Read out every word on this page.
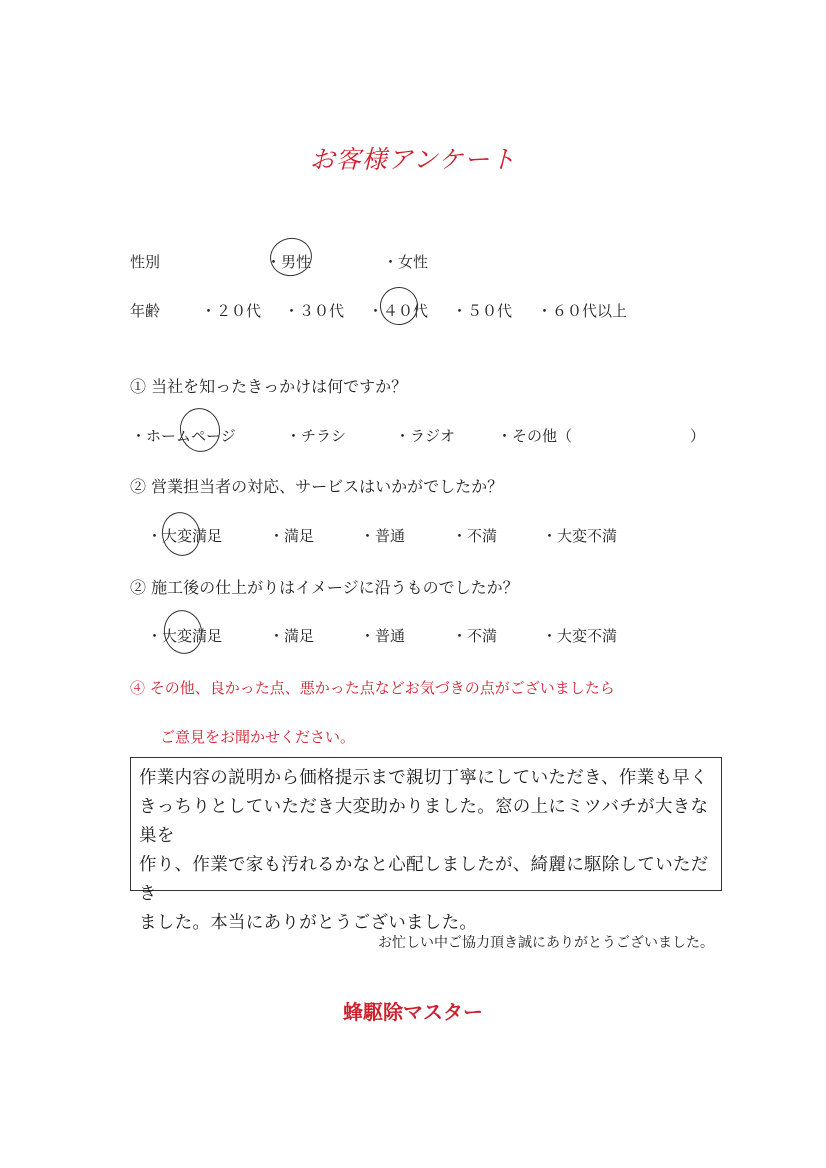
お客様アンケート
性別	・男性	・女性
年齢	・２０代 ・３０代 ・４０代 ・５０代 ・６０代以上
① 当社を知ったきっかけは何ですか？
・ホームページ	・チラシ	・ラジオ	・その他（	）
② 営業担当者の対応、サービスはいかがでしたか？
・大変満足	・満足	・普通	・不満	・大変不満
② 施工後の仕上がりはイメージに沿うものでしたか？
・大変満足	・満足	・普通	・不満	・大変不満
④ その他、良かった点、悪かった点などお気づきの点がございましたら
ご意見をお聞かせください。
作業内容の説明から価格提示まで親切丁寧にしていただき、作業も早く
きっちりとしていただき大変助かりました。窓の上にミツバチが大きな巣を
作り、作業で家も汚れるかなと心配しましたが、綺麗に駆除していただき
ました。本当にありがとうございました。
お忙しい中ご協力頂き誠にありがとうございました。
蜂駆除マスター
